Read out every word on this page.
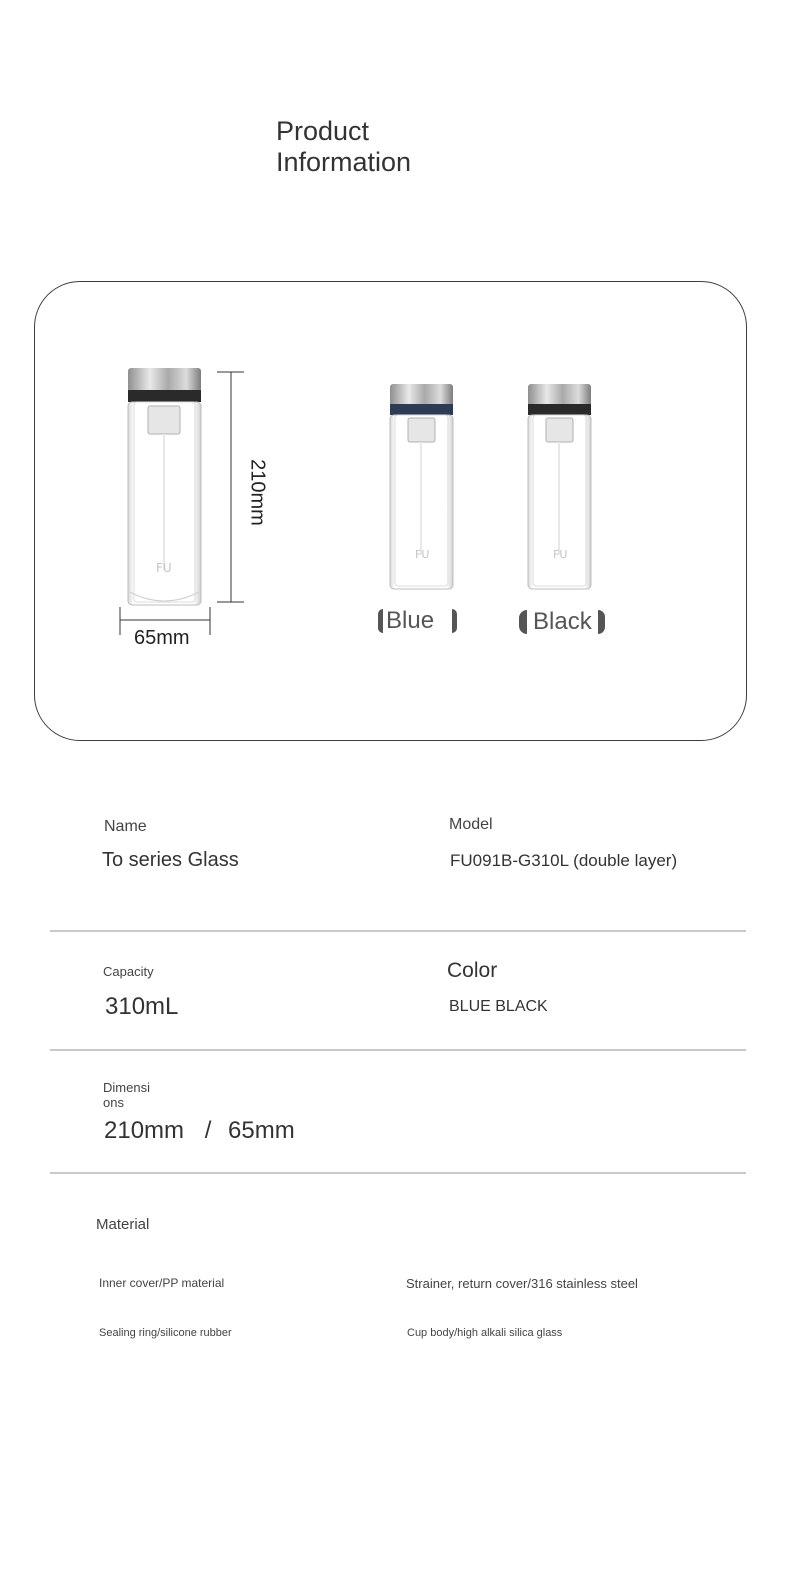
Product Information
FU
210mm
65mm
FU	FU
Blue	Black
Name
To series Glass
Model
FU091B-G310L (double layer)
Capacity
310mL
Color
BLUE BLACK
Dimensi
ons
210mm / 65mm
Material
Inner cover/PP material	Strainer, return cover/316 stainless steel
Sealing ring/silicone rubber	Cup body/high alkali silica glass
